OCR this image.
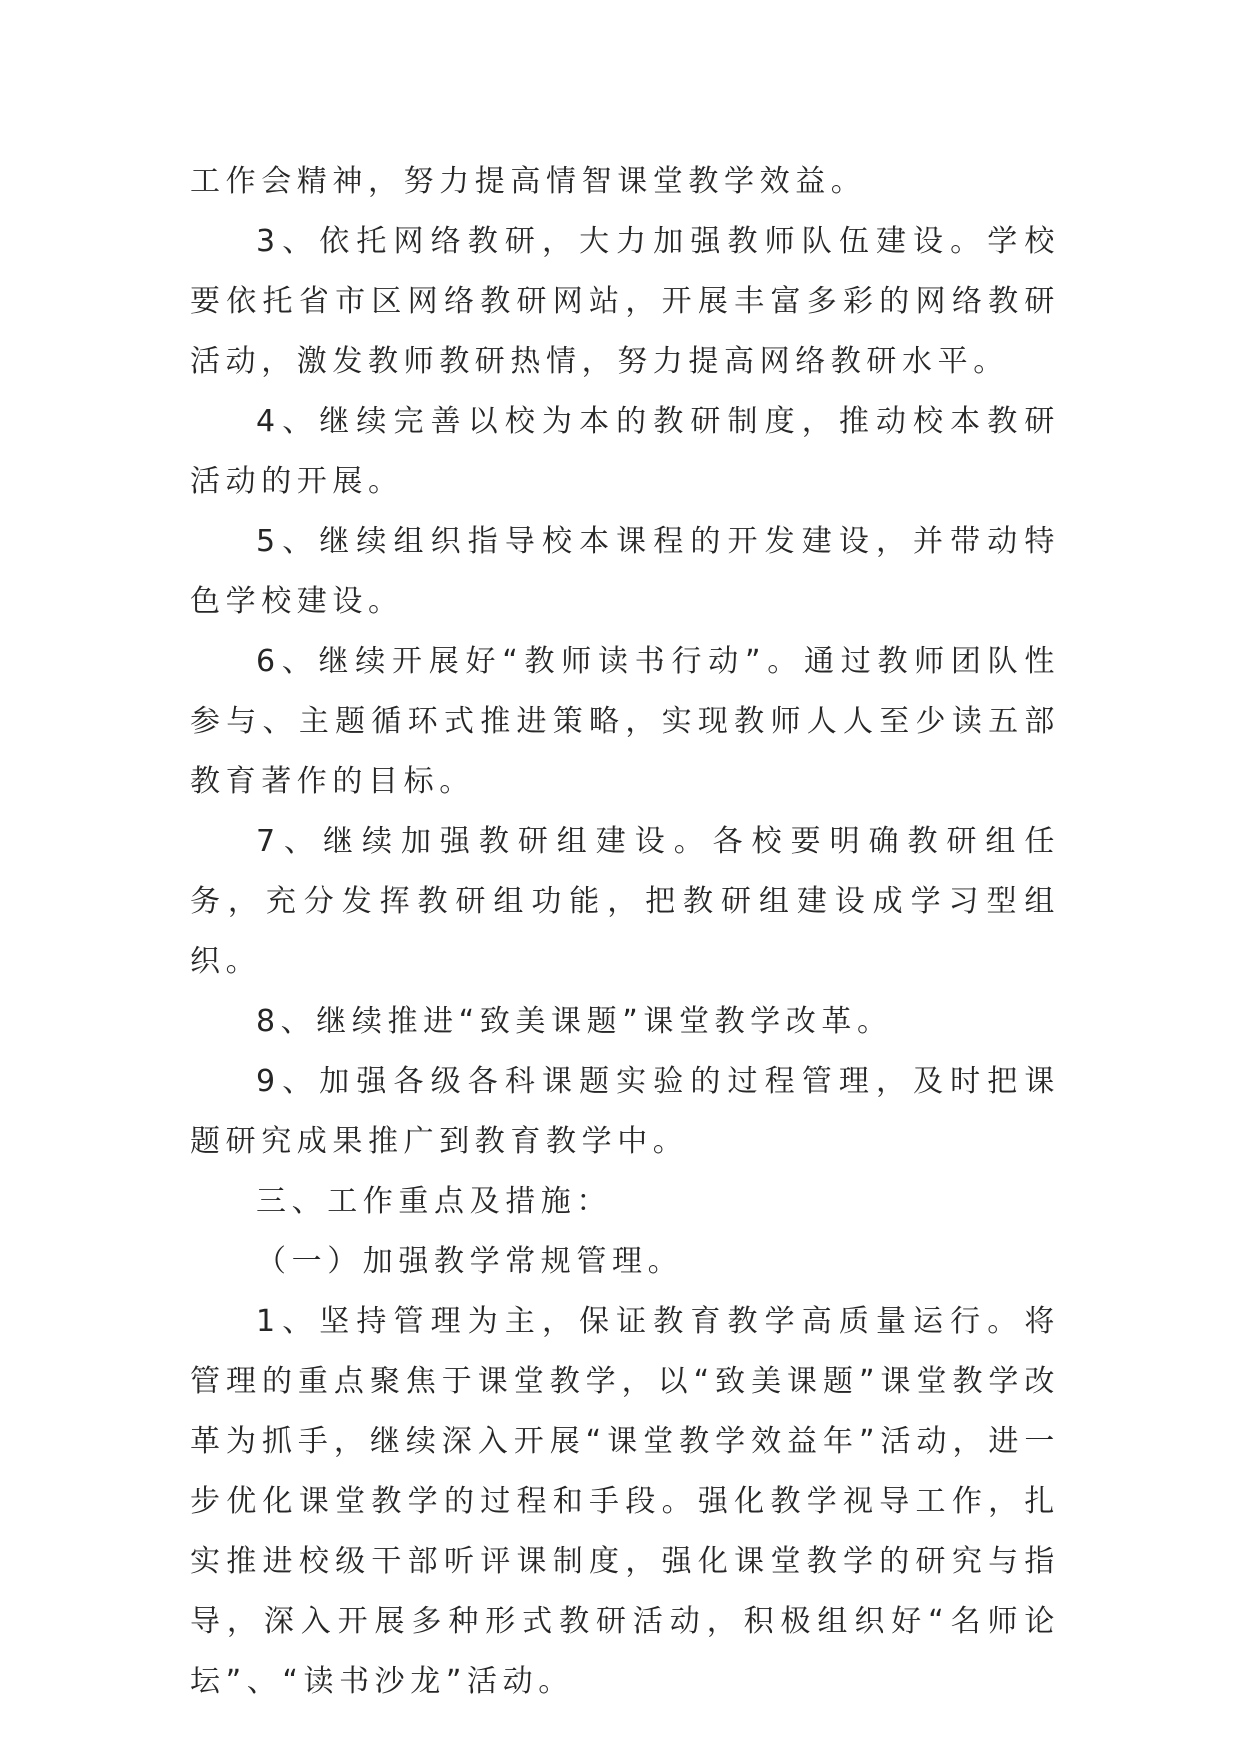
工作会精神，努力提高情智课堂教学效益。

3、依托网络教研，大力加强教师队伍建设。学校要依托省市区网络教研网站，开展丰富多彩的网络教研活动，激发教师教研热情，努力提高网络教研水平。

4、继续完善以校为本的教研制度，推动校本教研活动的开展。

5、继续组织指导校本课程的开发建设，并带动特色学校建设。

6、继续开展好“教师读书行动”。通过教师团队性参与、主题循环式推进策略，实现教师人人至少读五部教育著作的目标。

7、继续加强教研组建设。各校要明确教研组任务，充分发挥教研组功能，把教研组建设成学习型组织。

8、继续推进“致美课题”课堂教学改革。

9、加强各级各科课题实验的过程管理，及时把课题研究成果推广到教育教学中。

三、工作重点及措施：

（一）加强教学常规管理。

1、坚持管理为主，保证教育教学高质量运行。将管理的重点聚焦于课堂教学，以“致美课题”课堂教学改革为抓手，继续深入开展“课堂教学效益年”活动，进一步优化课堂教学的过程和手段。强化教学视导工作，扎实推进校级干部听评课制度，强化课堂教学的研究与指导，深入开展多种形式教研活动，积极组织好“名师论坛”、“读书沙龙”活动。
